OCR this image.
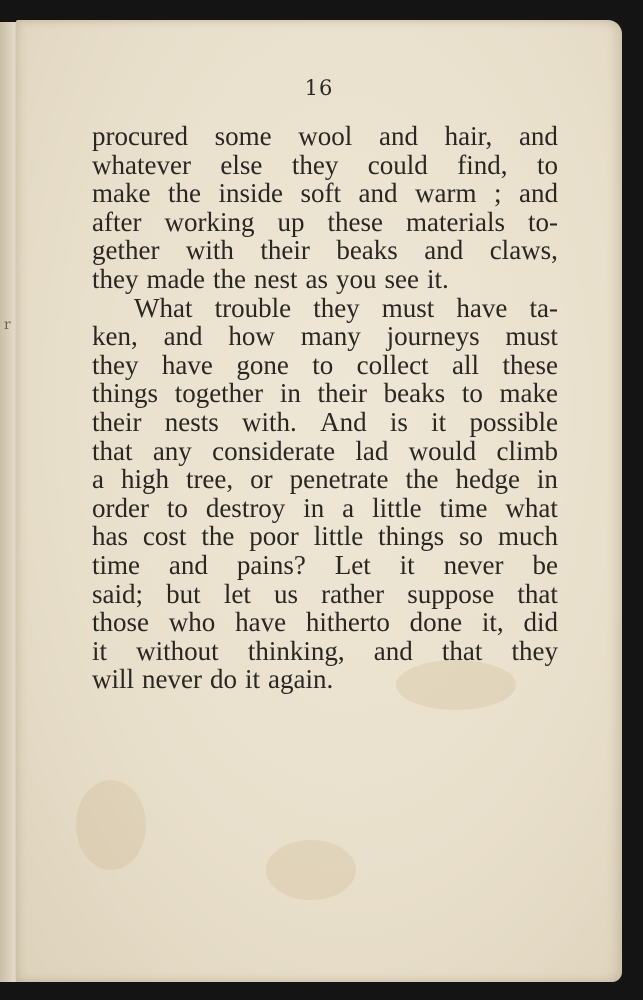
r
16
procured some wool and hair, and
whatever else they could find, to
make the inside soft and warm ; and
after working up these materials to-
gether with their beaks and claws,
they made the nest as you see it.
What trouble they must have ta-
ken, and how many journeys must
they have gone to collect all these
things together in their beaks to make
their nests with. And is it possible
that any considerate lad would climb
a high tree, or penetrate the hedge in
order to destroy in a little time what
has cost the poor little things so much
time and pains? Let it never be
said; but let us rather suppose that
those who have hitherto done it, did
it without thinking, and that they
will never do it again.
